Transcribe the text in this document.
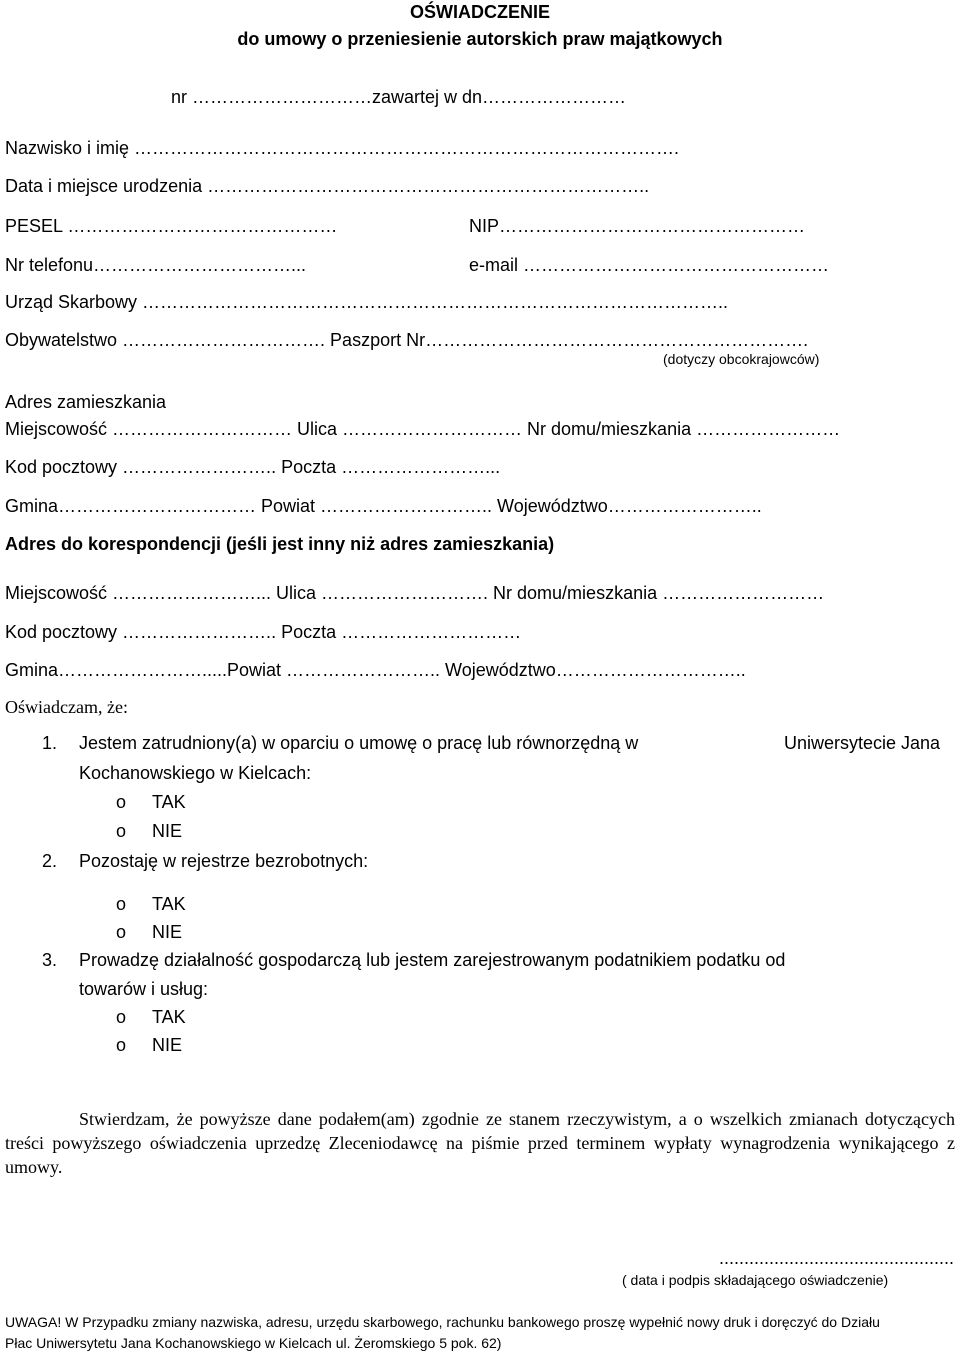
OŚWIADCZENIE
do umowy o przeniesienie autorskich praw majątkowych
nr …………………………zawartej w dn……………………
Nazwisko i imię ……………………………………………………………………………….
Data i miejsce urodzenia ………………………………………………………………..
PESEL ………………………………………	NIP……………………………………………
Nr telefonu……………………………...	e-mail ……………………………………………
Urząd Skarbowy ……………………………………………………………………………………..
Obywatelstwo ……………………………. Paszport Nr……………………………………………………….
(dotyczy obcokrajowców)
Adres zamieszkania
Miejscowość ………………………… Ulica ………………………… Nr domu/mieszkania ……………………
Kod pocztowy …………………….. Poczta ……………………...
Gmina…………………………… Powiat ……………………….. Województwo……………………..
Adres do korespondencji (jeśli jest inny niż adres zamieszkania)
Miejscowość ……………………... Ulica ………………………. Nr domu/mieszkania ………………………
Kod pocztowy …………………….. Poczta …………………………
Gmina…………………….....Powiat …………………….. Województwo…………………………..
Oświadczam, że:
1. Jestem zatrudniony(a) w oparciu o umowę o pracę lub równorzędną w	Uniwersytecie Jana
Kochanowskiego w Kielcach:
o TAK
o NIE
2. Pozostaję w rejestrze bezrobotnych:
o TAK
o NIE
3. Prowadzę działalność gospodarczą lub jestem zarejestrowanym podatnikiem podatku od
towarów i usług:
o TAK
o NIE
Stwierdzam, że powyższe dane podałem(am) zgodnie ze stanem rzeczywistym, a o wszelkich zmianach dotyczących treści powyższego oświadczenia uprzedzę Zleceniodawcę na piśmie przed terminem wypłaty wynagrodzenia wynikającego z umowy.
...............................................
( data i podpis składającego oświadczenie)
UWAGA! W Przypadku zmiany nazwiska, adresu, urzędu skarbowego, rachunku bankowego proszę wypełnić nowy druk i doręczyć do Działu
Płac Uniwersytetu Jana Kochanowskiego w Kielcach ul. Żeromskiego 5 pok. 62)
